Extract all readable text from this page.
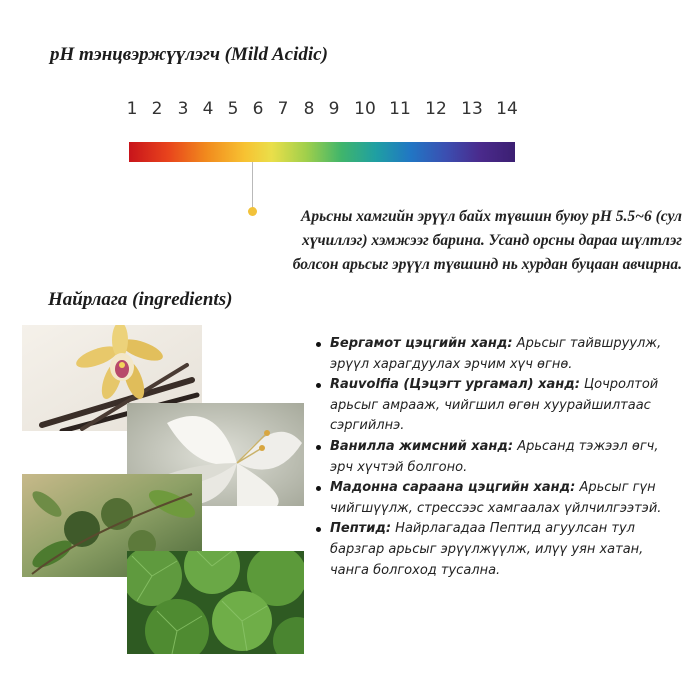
pH тэнцвэржүүлэгч (Mild Acidic)
1 2 3 4 5 6 7 8 9 10 11 12 13 14
Арьсны хамгийн эрүүл байх түвшин буюу pH 5.5~6 (сул хүчиллэг) хэмжээг барина. Усанд орсны дараа шүлтлэг болсон арьсыг эрүүл түвшинд нь хурдан буцаан авчирна.
Найрлага (ingredients)
Бергамот цэцгийн ханд: Арьсыг тайвшруулж, эрүүл харагдуулах эрчим хүч өгнө.
Rauvolfia (Цэцэгт ургамал) ханд: Цочролтой арьсыг амрааж, чийгшил өгөн хуурайшилтаас сэргийлнэ.
Ванилла жимсний ханд: Арьсанд тэжээл өгч, эрч хүчтэй болгоно.
Мадонна сараана цэцгийн ханд: Арьсыг гүн чийгшүүлж, стрессээс хамгаалах үйлчилгээтэй.
Пептид: Найрлагадаа Пептид агуулсан тул барзгар арьсыг эрүүлжүүлж, илүү уян хатан, чанга болгоход тусална.
